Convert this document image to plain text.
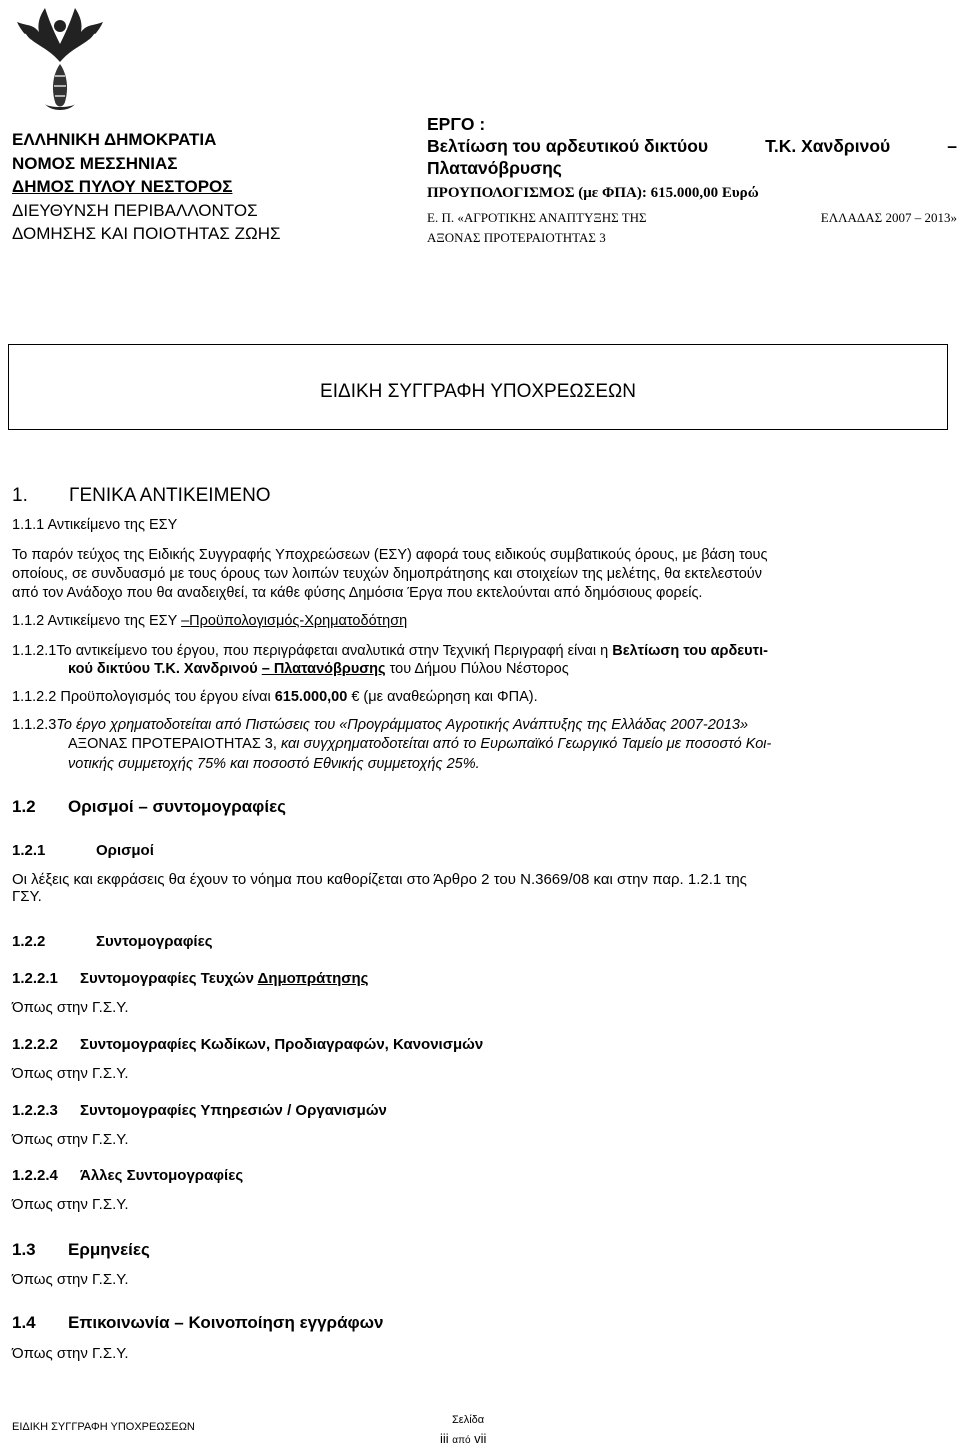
ΕΛΛΗΝΙΚΗ ΔΗΜΟΚΡΑΤΙΑ
ΝΟΜΟΣ ΜΕΣΣΗΝΙΑΣ
ΔΗΜΟΣ ΠΥΛΟΥ ΝΕΣΤΟΡΟΣ
ΔΙΕΥΘΥΝΣΗ ΠΕΡΙΒΑΛΛΟΝΤΟΣ
ΔΟΜΗΣΗΣ ΚΑΙ ΠΟΙΟΤΗΤΑΣ ΖΩΗΣ
ΕΡΓΟ :
Βελτίωση του αρδευτικού δικτύου	Τ.Κ. Χανδρινού	–
Πλατανόβρυσης
ΠΡΟΥΠΟΛΟΓΙΣΜΟΣ (με ΦΠΑ): 615.000,00 Ευρώ
Ε. Π. «ΑΓΡΟΤΙΚΗΣ ΑΝΑΠΤΥΞΗΣ ΤΗΣ	ΕΛΛΑΔΑΣ 2007 – 2013»
ΑΞΟΝΑΣ ΠΡΟΤΕΡΑΙΟΤΗΤΑΣ 3
ΕΙΔΙΚΗ ΣΥΓΓΡΑΦΗ ΥΠΟΧΡΕΩΣΕΩΝ
1. ΓΕΝΙΚΑ ΑΝΤΙΚΕΙΜΕΝΟ
1.1.1 Αντικείμενο της ΕΣΥ
Το παρόν τεύχος της Ειδικής Συγγραφής Υποχρεώσεων (ΕΣΥ) αφορά τους ειδικούς συμβατικούς όρους, με βάση τους
οποίους, σε συνδυασμό με τους όρους των λοιπών τευχών δημοπράτησης και στοιχείων της μελέτης, θα εκτελεστούν
από τον Ανάδοχο που θα αναδειχθεί, τα κάθε φύσης Δημόσια Έργα που εκτελούνται από δημόσιους φορείς.
1.1.2 Αντικείμενο της ΕΣΥ –Προϋπολογισμός-Χρηματοδότηση
1.1.2.1Το αντικείμενο του έργου, που περιγράφεται αναλυτικά στην Τεχνική Περιγραφή είναι η Βελτίωση του αρδευτι-
κού δικτύου Τ.Κ. Χανδρινού – Πλατανόβρυσης του Δήμου Πύλου Νέστορος
1.1.2.2 Προϋπολογισμός του έργου είναι 615.000,00 € (με αναθεώρηση και ΦΠΑ).
1.1.2.3Το έργο χρηματοδοτείται από Πιστώσεις του «Προγράμματος Αγροτικής Ανάπτυξης της Ελλάδας 2007-2013»
ΑΞΟΝΑΣ ΠΡΟΤΕΡΑΙΟΤΗΤΑΣ 3, και συγχρηματοδοτείται από το Ευρωπαϊκό Γεωργικό Ταμείο με ποσοστό Κοι-
νοτικής συμμετοχής 75% και ποσοστό Εθνικής συμμετοχής 25%.
1.2 Ορισμοί – συντομογραφίες
1.2.1	Ορισμοί
Οι λέξεις και εκφράσεις θα έχουν το νόημα που καθορίζεται στο Άρθρο 2 του Ν.3669/08 και στην παρ. 1.2.1 της
ΓΣΥ.
1.2.2	Συντομογραφίες
1.2.2.1 Συντομογραφίες Τευχών Δημοπράτησης
Όπως στην Γ.Σ.Υ.
1.2.2.2 Συντομογραφίες Κωδίκων, Προδιαγραφών, Κανονισμών
Όπως στην Γ.Σ.Υ.
1.2.2.3 Συντομογραφίες Υπηρεσιών / Οργανισμών
Όπως στην Γ.Σ.Υ.
1.2.2.4 Άλλες Συντομογραφίες
Όπως στην Γ.Σ.Υ.
1.3 Ερμηνείες
Όπως στην Γ.Σ.Υ.
1.4 Επικοινωνία – Κοινοποίηση εγγράφων
Όπως στην Γ.Σ.Υ.
ΕΙΔΙΚΗ ΣΥΓΓΡΑΦΗ ΥΠΟΧΡΕΩΣΕΩΝ
Σελίδα
iii από vii
